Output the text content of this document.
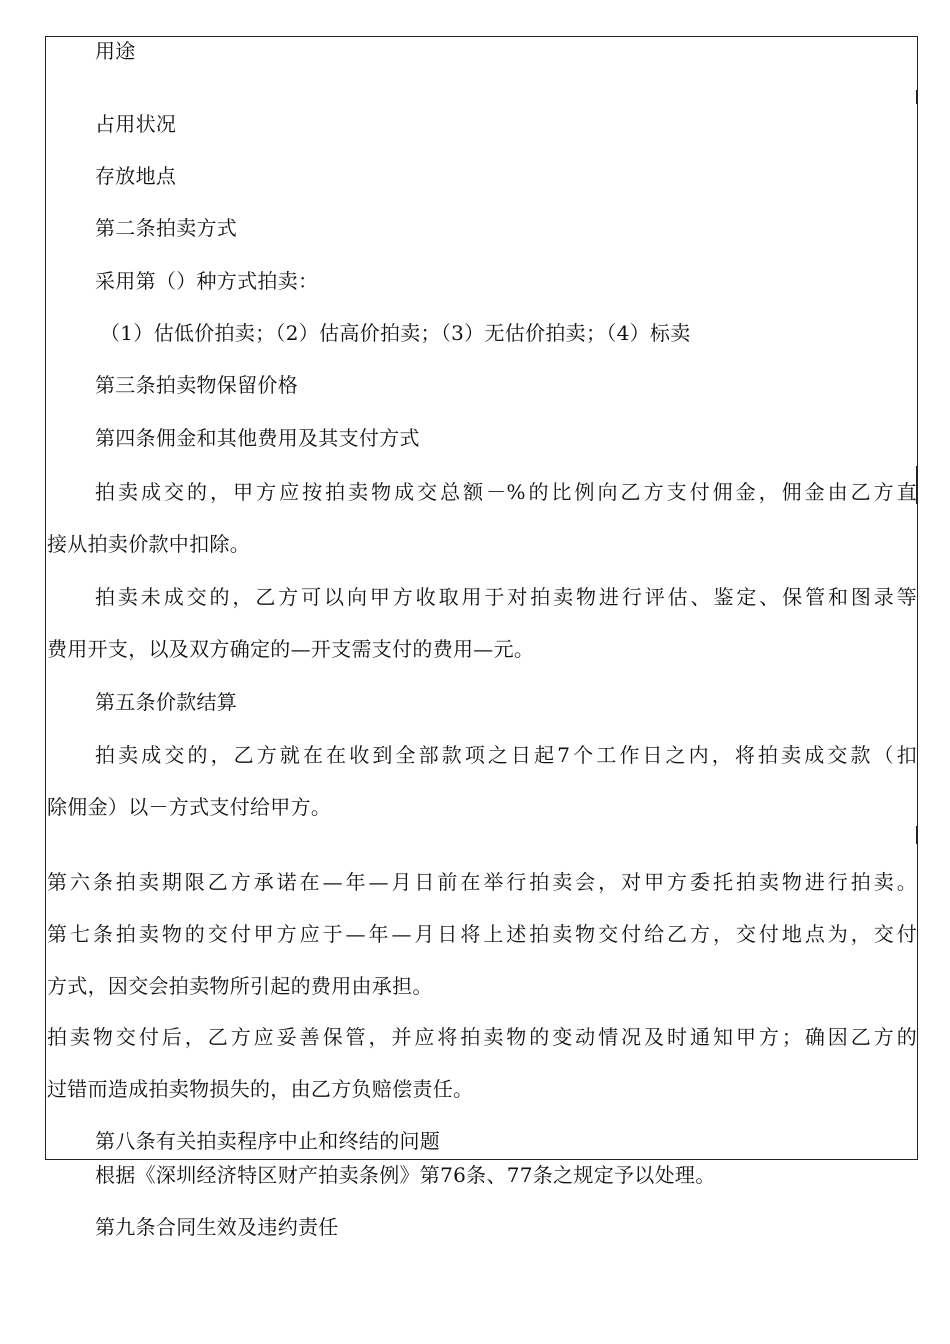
用途
占用状况
存放地点
第二条拍卖方式
采用第（）种方式拍卖：
（1）估低价拍卖；（2）估高价拍卖；（3）无估价拍卖；（4）标卖
第三条拍卖物保留价格
第四条佣金和其他费用及其支付方式
拍卖成交的，甲方应按拍卖物成交总额－%的比例向乙方支付佣金，佣金由乙方直
接从拍卖价款中扣除。
拍卖未成交的，乙方可以向甲方收取用于对拍卖物进行评估、鉴定、保管和图录等
费用开支，以及双方确定的—开支需支付的费用—元。
第五条价款结算
拍卖成交的，乙方就在在收到全部款项之日起7个工作日之内，将拍卖成交款（扣
除佣金）以－方式支付给甲方。
第六条拍卖期限乙方承诺在—年—月日前在举行拍卖会，对甲方委托拍卖物进行拍卖。
第七条拍卖物的交付甲方应于—年—月日将上述拍卖物交付给乙方，交付地点为，交付
方式，因交会拍卖物所引起的费用由承担。
拍卖物交付后，乙方应妥善保管，并应将拍卖物的变动情况及时通知甲方；确因乙方的
过错而造成拍卖物损失的，由乙方负赔偿责任。
第八条有关拍卖程序中止和终结的问题
根据《深圳经济特区财产拍卖条例》第76条、77条之规定予以处理。
第九条合同生效及违约责任
